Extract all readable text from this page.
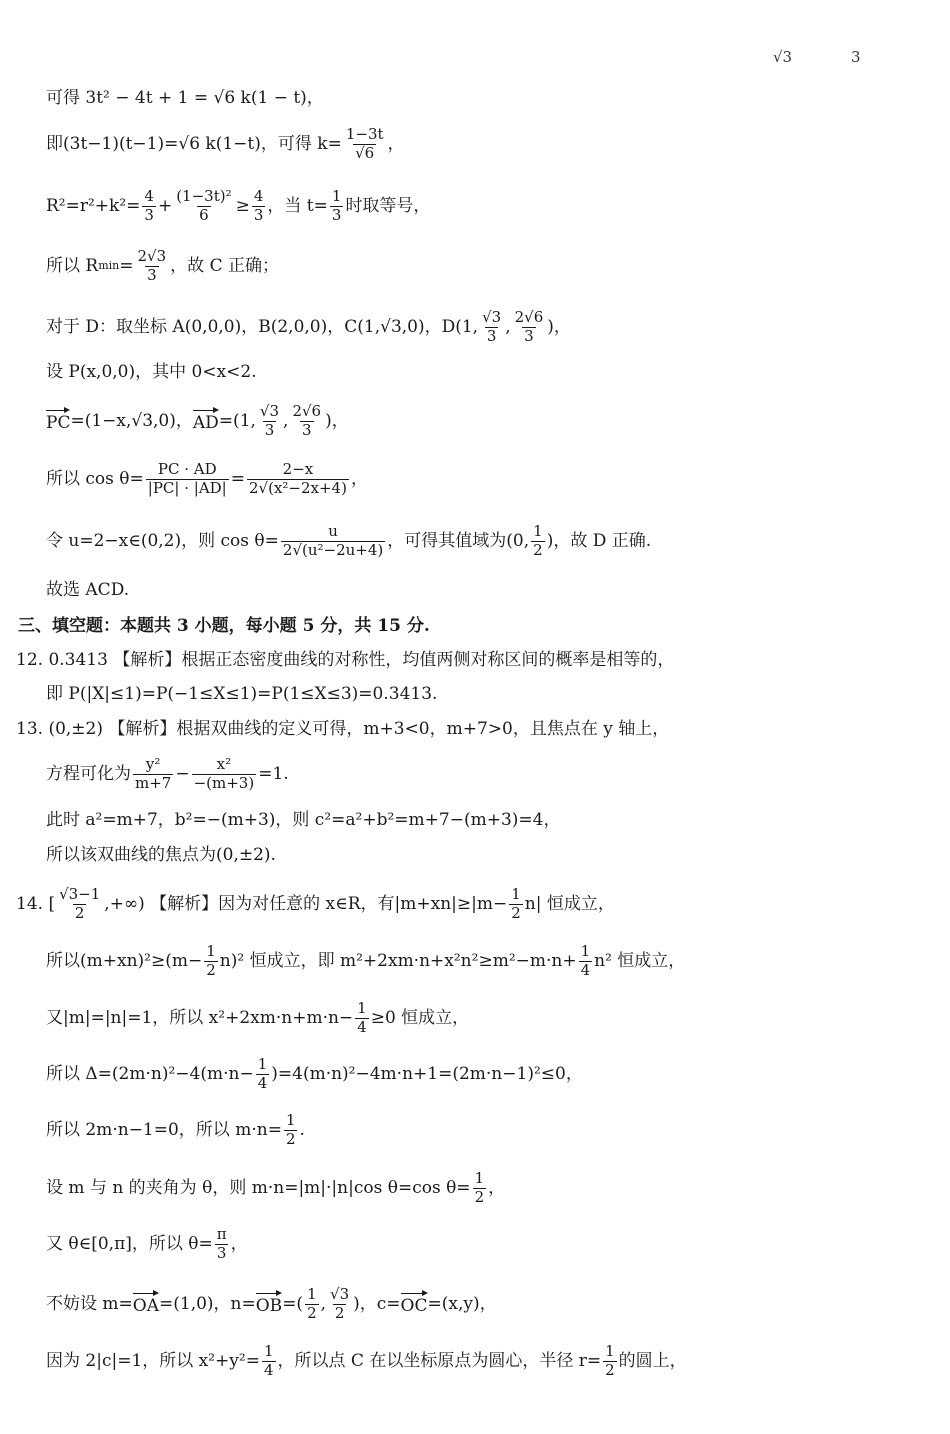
√3	3
可得 3t² − 4t + 1 = √6 k(1 − t)，
即(3t−1)(t−1)=√6 k(1−t)，可得 $k= \frac{1-3t}{√6}$ ，
$R^2=r^2+k^2= \frac{4}{3} + \frac{\text{(1−3t)²}}{6} \ge \frac{4}{3}$ ，当 $t= \frac{1}{3}$ 时取等号，
所以 R $\min = \frac{2√3}{3}$ ，故 C 正确；
对于 D：取坐标 A(0,0,0)，B(2,0,0)，C(1,√3,0)，D(1, $\frac{√3}{3}$ , $\frac{2√6}{3}$ )，
设 P(x,0,0)，其中 0<x<2.
PC =(1−x,√3,0)， AD =(1, $\frac{√3}{3}$ , $\frac{2√6}{3}$ )，
所以 $\cos \theta= \frac{PC \cdot AD}{|PC| \cdot |AD|} = \frac{2-x}{\text{2√(x²−2x+4)}}$ ，
令 u=2−x∈(0,2)，则 $\cos \theta= \frac{u}{\text{2√(u²−2u+4)}}$ ，可得其值域为(0, $\frac{1}{2}$ )，故 D 正确.
故选 ACD.
三、填空题：本题共 3 小题，每小题 5 分，共 15 分.
12. 0.3413 【解析】根据正态密度曲线的对称性，均值两侧对称区间的概率是相等的，
即 P(|X|≤1)=P(−1≤X≤1)=P(1≤X≤3)=0.3413.
13. (0,±2) 【解析】根据双曲线的定义可得，m+3<0，m+7>0，且焦点在 y 轴上，
方程可化为 $\frac{\text{y²}}{m+7} - \frac{\text{x²}}{-(m+3)} =1$.
此时 a²=m+7，b²=−(m+3)，则 c²=a²+b²=m+7−(m+3)=4，
所以该双曲线的焦点为(0,±2).
14. [ $\frac{√3-1}{2}$ ,+∞) 【解析】因为对任意的 x∈R，有$|m+xn|\ge|m- \frac{1}{2} n|$ 恒成立，
所以$(m+xn)^2\ge(m- \frac{1}{2} n)^2$ 恒成立，即 $m^2+2xm\cdot n+x^2n^2\ge m^2-m\cdot n+ \frac{1}{4} n^2$ 恒成立，
又|m|=|n|=1，所以 $x^2+2xm\cdot n+m\cdot n- \frac{1}{4} \ge 0$ 恒成立，
所以 $\Delta=(2m\cdot n)^2-4(m\cdot n- \frac{1}{4} )=4(m\cdot n)^2-4m\cdot n+1=(2m\cdot n-1)^2\le 0$，
所以 2m·n−1=0，所以 $m\cdot n= \frac{1}{2}$ .
设 m 与 n 的夹角为 θ，则 m·n=|m|·|n|cos θ=cos $\theta= \frac{1}{2}$ ，
又 θ∈[0,π]，所以 $\theta= \frac{\pi}{3}$ ，
不妨设 m= OA =(1,0)，n= OB =( $\frac{1}{2}$ , $\frac{√3}{2}$ )，c= OC =(x,y)，
因为 2|c|=1，所以 $x^2+y^2= \frac{1}{4}$ ，所以点 C 在以坐标原点为圆心，半径 $r= \frac{1}{2}$ 的圆上，
